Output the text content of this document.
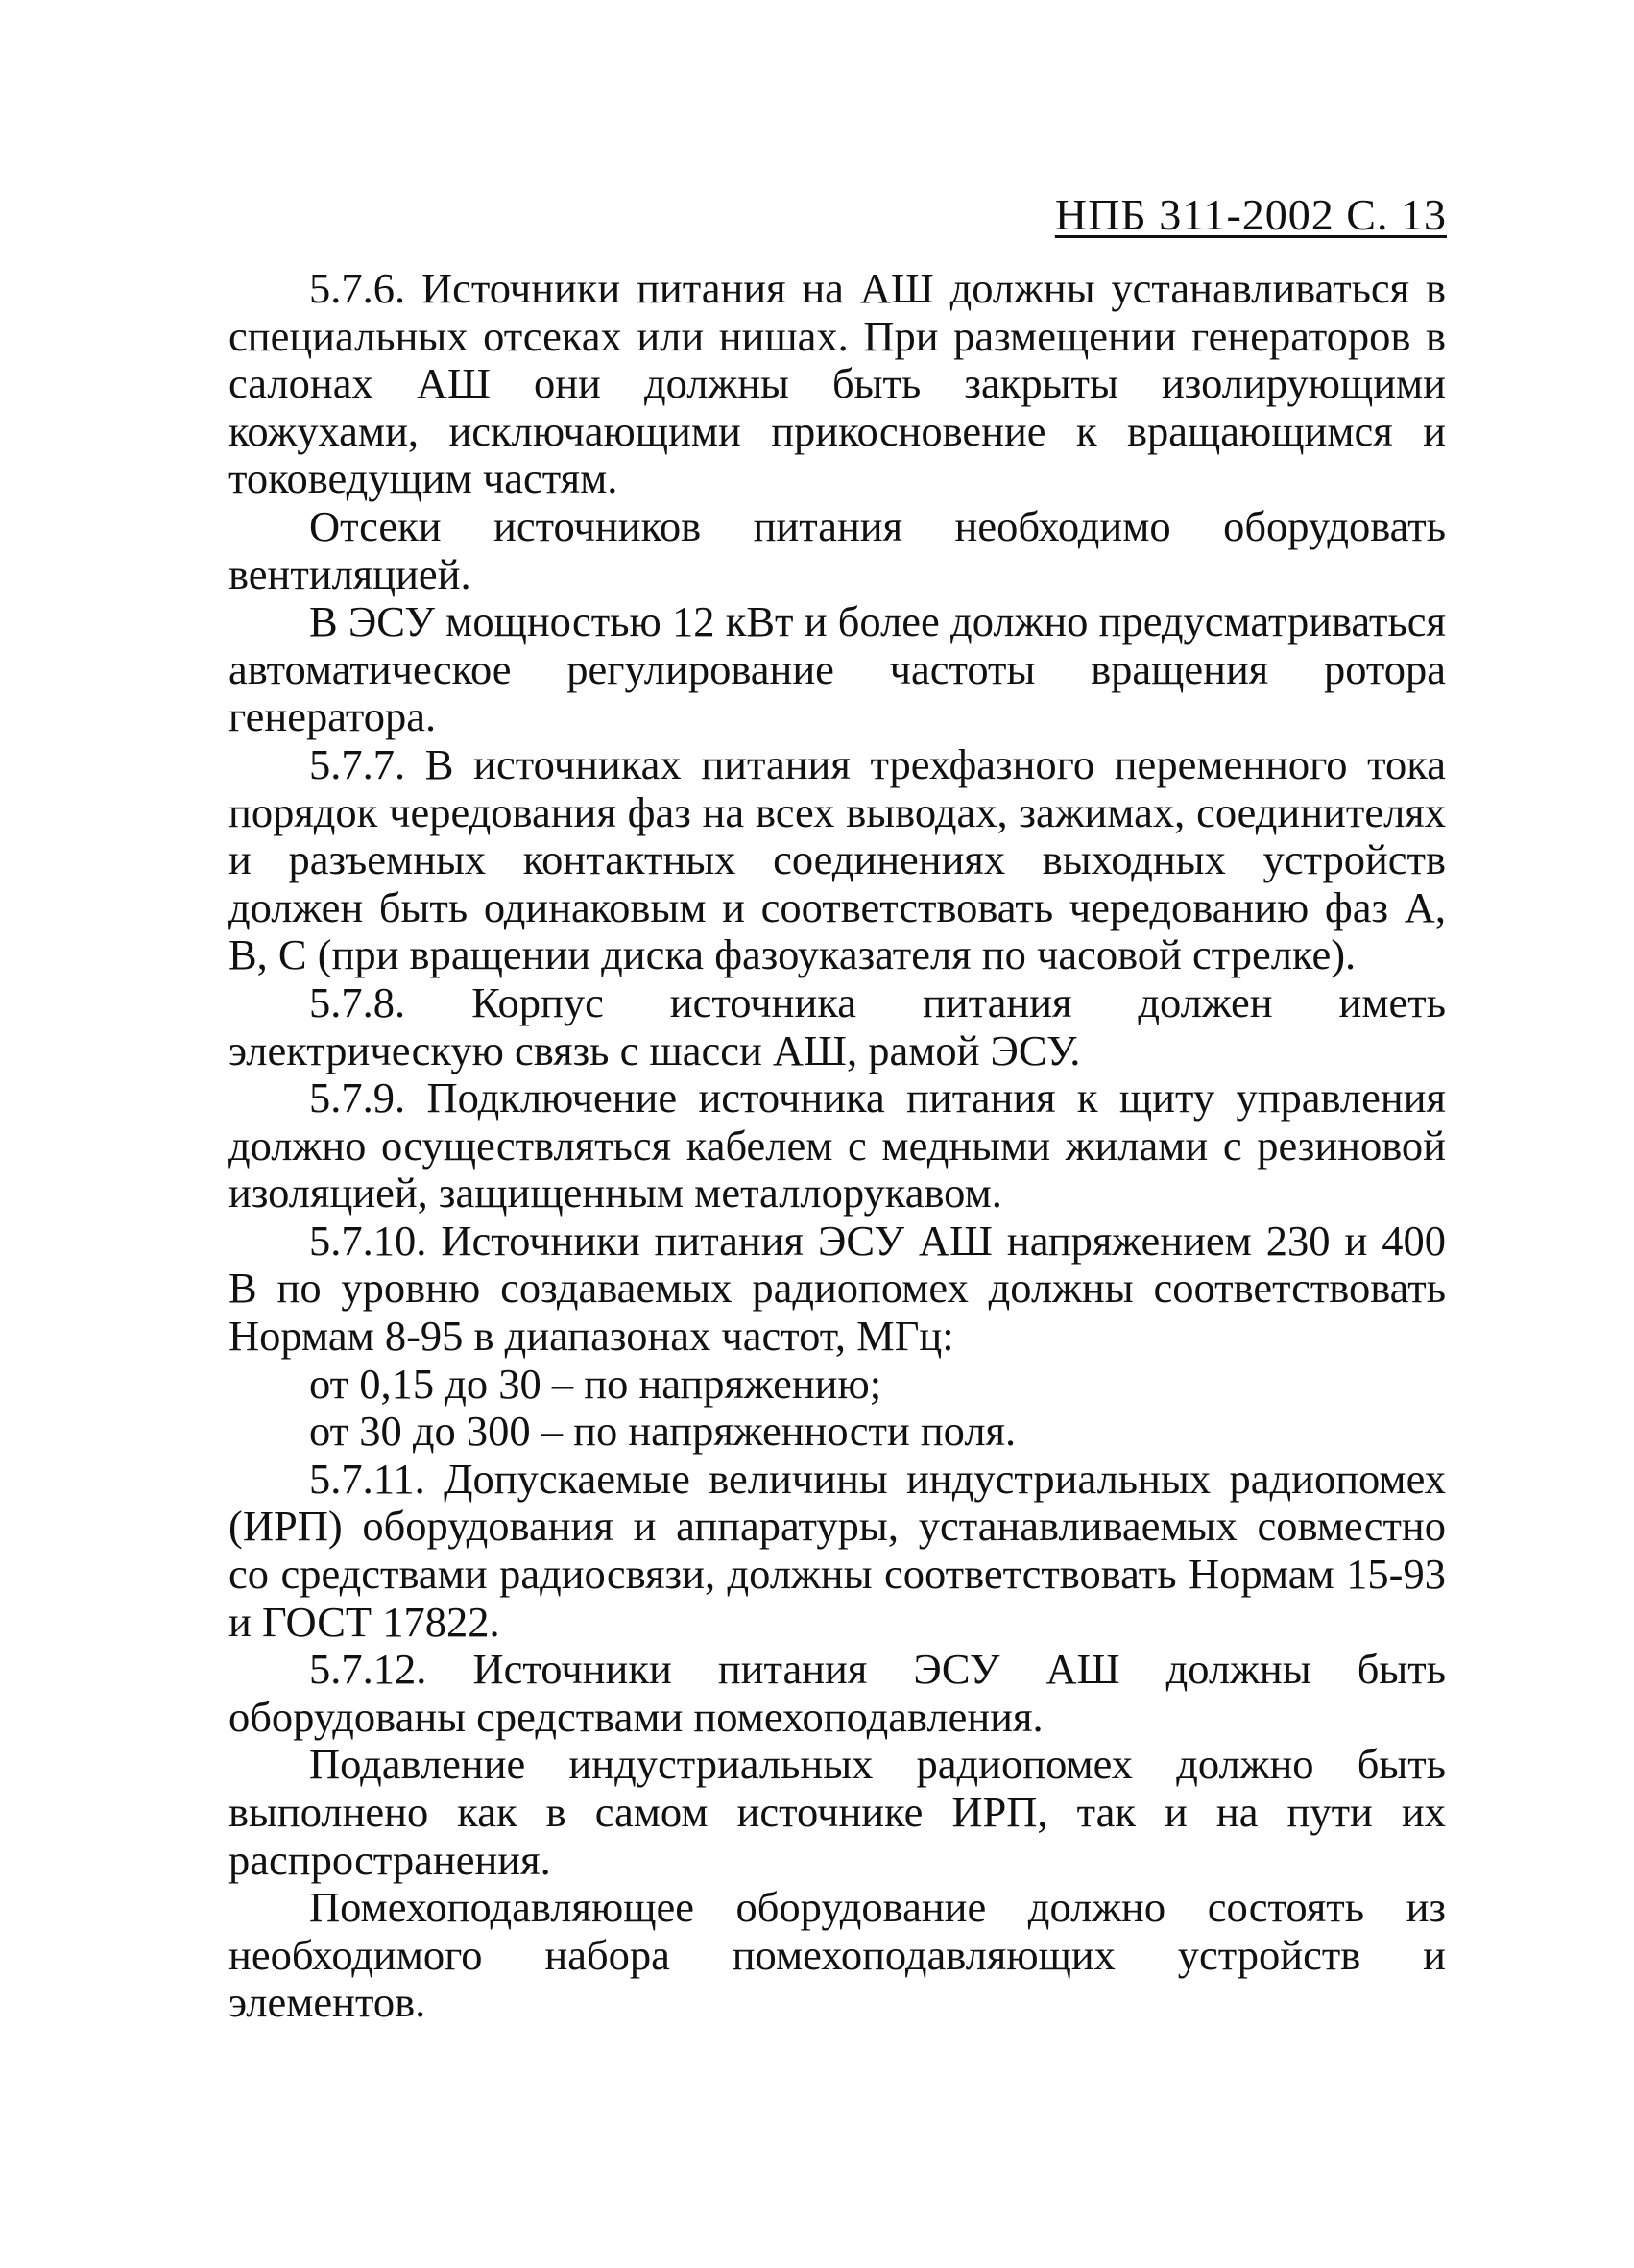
НПБ 311-2002 С. 13

5.7.6. Источники питания на АШ должны устанавливаться в специальных отсеках или нишах. При размещении генераторов в салонах АШ они должны быть закрыты изолирующими кожухами, исключающими прикосновение к вращающимся и токоведущим частям.

Отсеки источников питания необходимо оборудовать вентиляцией.

В ЭСУ мощностью 12 кВт и более должно предусматриваться автоматическое регулирование частоты вращения ротора генератора.

5.7.7. В источниках питания трехфазного переменного тока порядок чередования фаз на всех выводах, зажимах, соединителях и разъемных контактных соединениях выходных устройств должен быть одинаковым и соответствовать чередованию фаз А, В, С (при вращении диска фазоуказателя по часовой стрелке).

5.7.8. Корпус источника питания должен иметь электрическую связь с шасси АШ, рамой ЭСУ.

5.7.9. Подключение источника питания к щиту управления должно осуществляться кабелем с медными жилами с резиновой изоляцией, защищенным металлорукавом.

5.7.10. Источники питания ЭСУ АШ напряжением 230 и 400 В по уровню создаваемых радиопомех должны соответствовать Нормам 8-95 в диапазонах частот, МГц:

от 0,15 до 30 – по напряжению;

от 30 до 300 – по напряженности поля.

5.7.11. Допускаемые величины индустриальных радиопомех (ИРП) оборудования и аппаратуры, устанавливаемых совместно со средствами радиосвязи, должны соответствовать Нормам 15-93 и ГОСТ 17822.

5.7.12. Источники питания ЭСУ АШ должны быть оборудованы средствами помехоподавления.

Подавление индустриальных радиопомех должно быть выполнено как в самом источнике ИРП, так и на пути их распространения.

Помехоподавляющее оборудование должно состоять из необходимого набора помехоподавляющих устройств и элементов.
